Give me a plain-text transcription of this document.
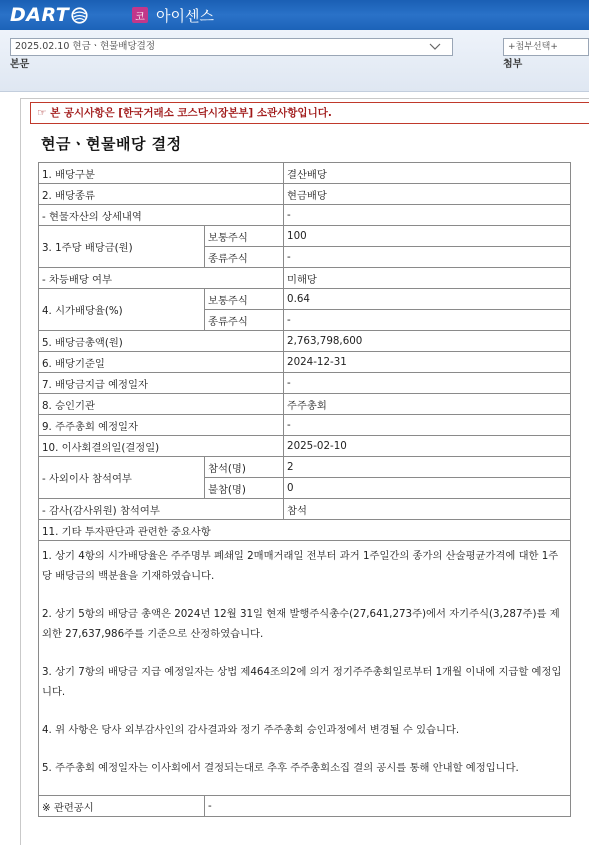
DART	코 아이센스
본문	첨부
2025.02.10 현금ㆍ현물배당결정	+첨부선택+
☞ 본 공시사항은 [한국거래소 코스닥시장본부] 소관사항입니다.
현금ㆍ현물배당 결정
1. 배당구분		결산배당
2. 배당종류		현금배당
- 현물자산의 상세내역		-
3. 1주당 배당금(원)	보통주식	100
	종류주식	-
- 차등배당 여부		미해당
4. 시가배당율(%)	보통주식	0.64
	종류주식	-
5. 배당금총액(원)		2,763,798,600
6. 배당기준일		2024-12-31
7. 배당금지급 예정일자		-
8. 승인기관		주주총회
9. 주주총회 예정일자		-
10. 이사회결의일(결정일)		2025-02-10
- 사외이사 참석여부	참석(명)	2
	불참(명)	0
- 감사(감사위원) 참석여부		참석
11. 기타 투자판단과 관련한 중요사항		

1. 상기 4항의 시가배당율은 주주명부 폐쇄일 2매매거래일 전부터 과거 1주일간의 종가의 산술평균가격에 대한 1주당 배당금의 백분율을 기재하였습니다.
2. 상기 5항의 배당금 총액은 2024년 12월 31일 현재 발행주식총수(27,641,273주)에서 자기주식(3,287주)를 제외한 27,637,986주를 기준으로 산정하였습니다.
3. 상기 7항의 배당금 지급 예정일자는 상법 제464조의2에 의거 정기주주총회일로부터 1개월 이내에 지급할 예정입니다.
4. 위 사항은 당사 외부감사인의 감사결과와 정기 주주총회 승인과정에서 변경될 수 있습니다.
5. 주주총회 예정일자는 이사회에서 결정되는대로 추후 주주총회소집 결의 공시를 통해 안내할 예정입니다.		

※ 관련공시	-	
